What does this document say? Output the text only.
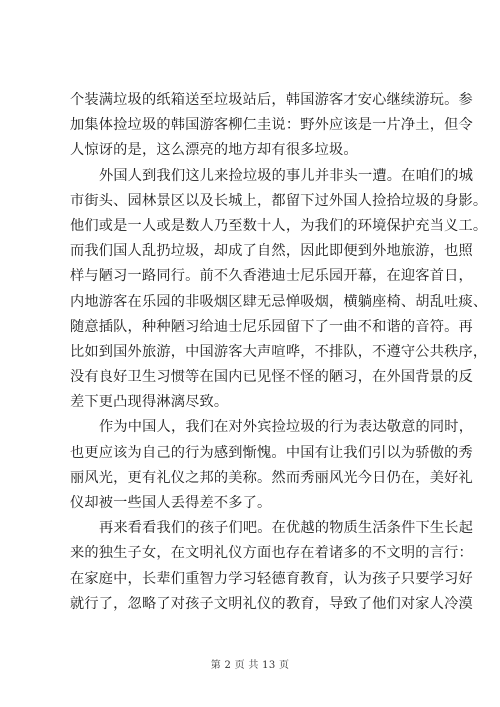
个装满垃圾的纸箱送至垃圾站后，韩国游客才安心继续游玩。参
加集体捡垃圾的韩国游客柳仁圭说：野外应该是一片净土，但令
人惊讶的是，这么漂亮的地方却有很多垃圾。
外国人到我们这儿来捡垃圾的事儿并非头一遭。在咱们的城
市街头、园林景区以及长城上，都留下过外国人捡拾垃圾的身影。
他们或是一人或是数人乃至数十人，为我们的环境保护充当义工。
而我们国人乱扔垃圾，却成了自然，因此即便到外地旅游，也照
样与陋习一路同行。前不久香港迪士尼乐园开幕，在迎客首日，
内地游客在乐园的非吸烟区肆无忌惮吸烟，横躺座椅、胡乱吐痰、
随意插队，种种陋习给迪士尼乐园留下了一曲不和谐的音符。再
比如到国外旅游，中国游客大声喧哗，不排队，不遵守公共秩序，
没有良好卫生习惯等在国内已见怪不怪的陋习，在外国背景的反
差下更凸现得淋漓尽致。
作为中国人，我们在对外宾捡垃圾的行为表达敬意的同时，
也更应该为自己的行为感到惭愧。中国有让我们引以为骄傲的秀
丽风光，更有礼仪之邦的美称。然而秀丽风光今日仍在，美好礼
仪却被一些国人丢得差不多了。
再来看看我们的孩子们吧。在优越的物质生活条件下生长起
来的独生子女，在文明礼仪方面也存在着诸多的不文明的言行：
在家庭中，长辈们重智力学习轻德育教育，认为孩子只要学习好
就行了，忽略了对孩子文明礼仪的教育，导致了他们对家人冷漠
第 2 页 共 13 页
